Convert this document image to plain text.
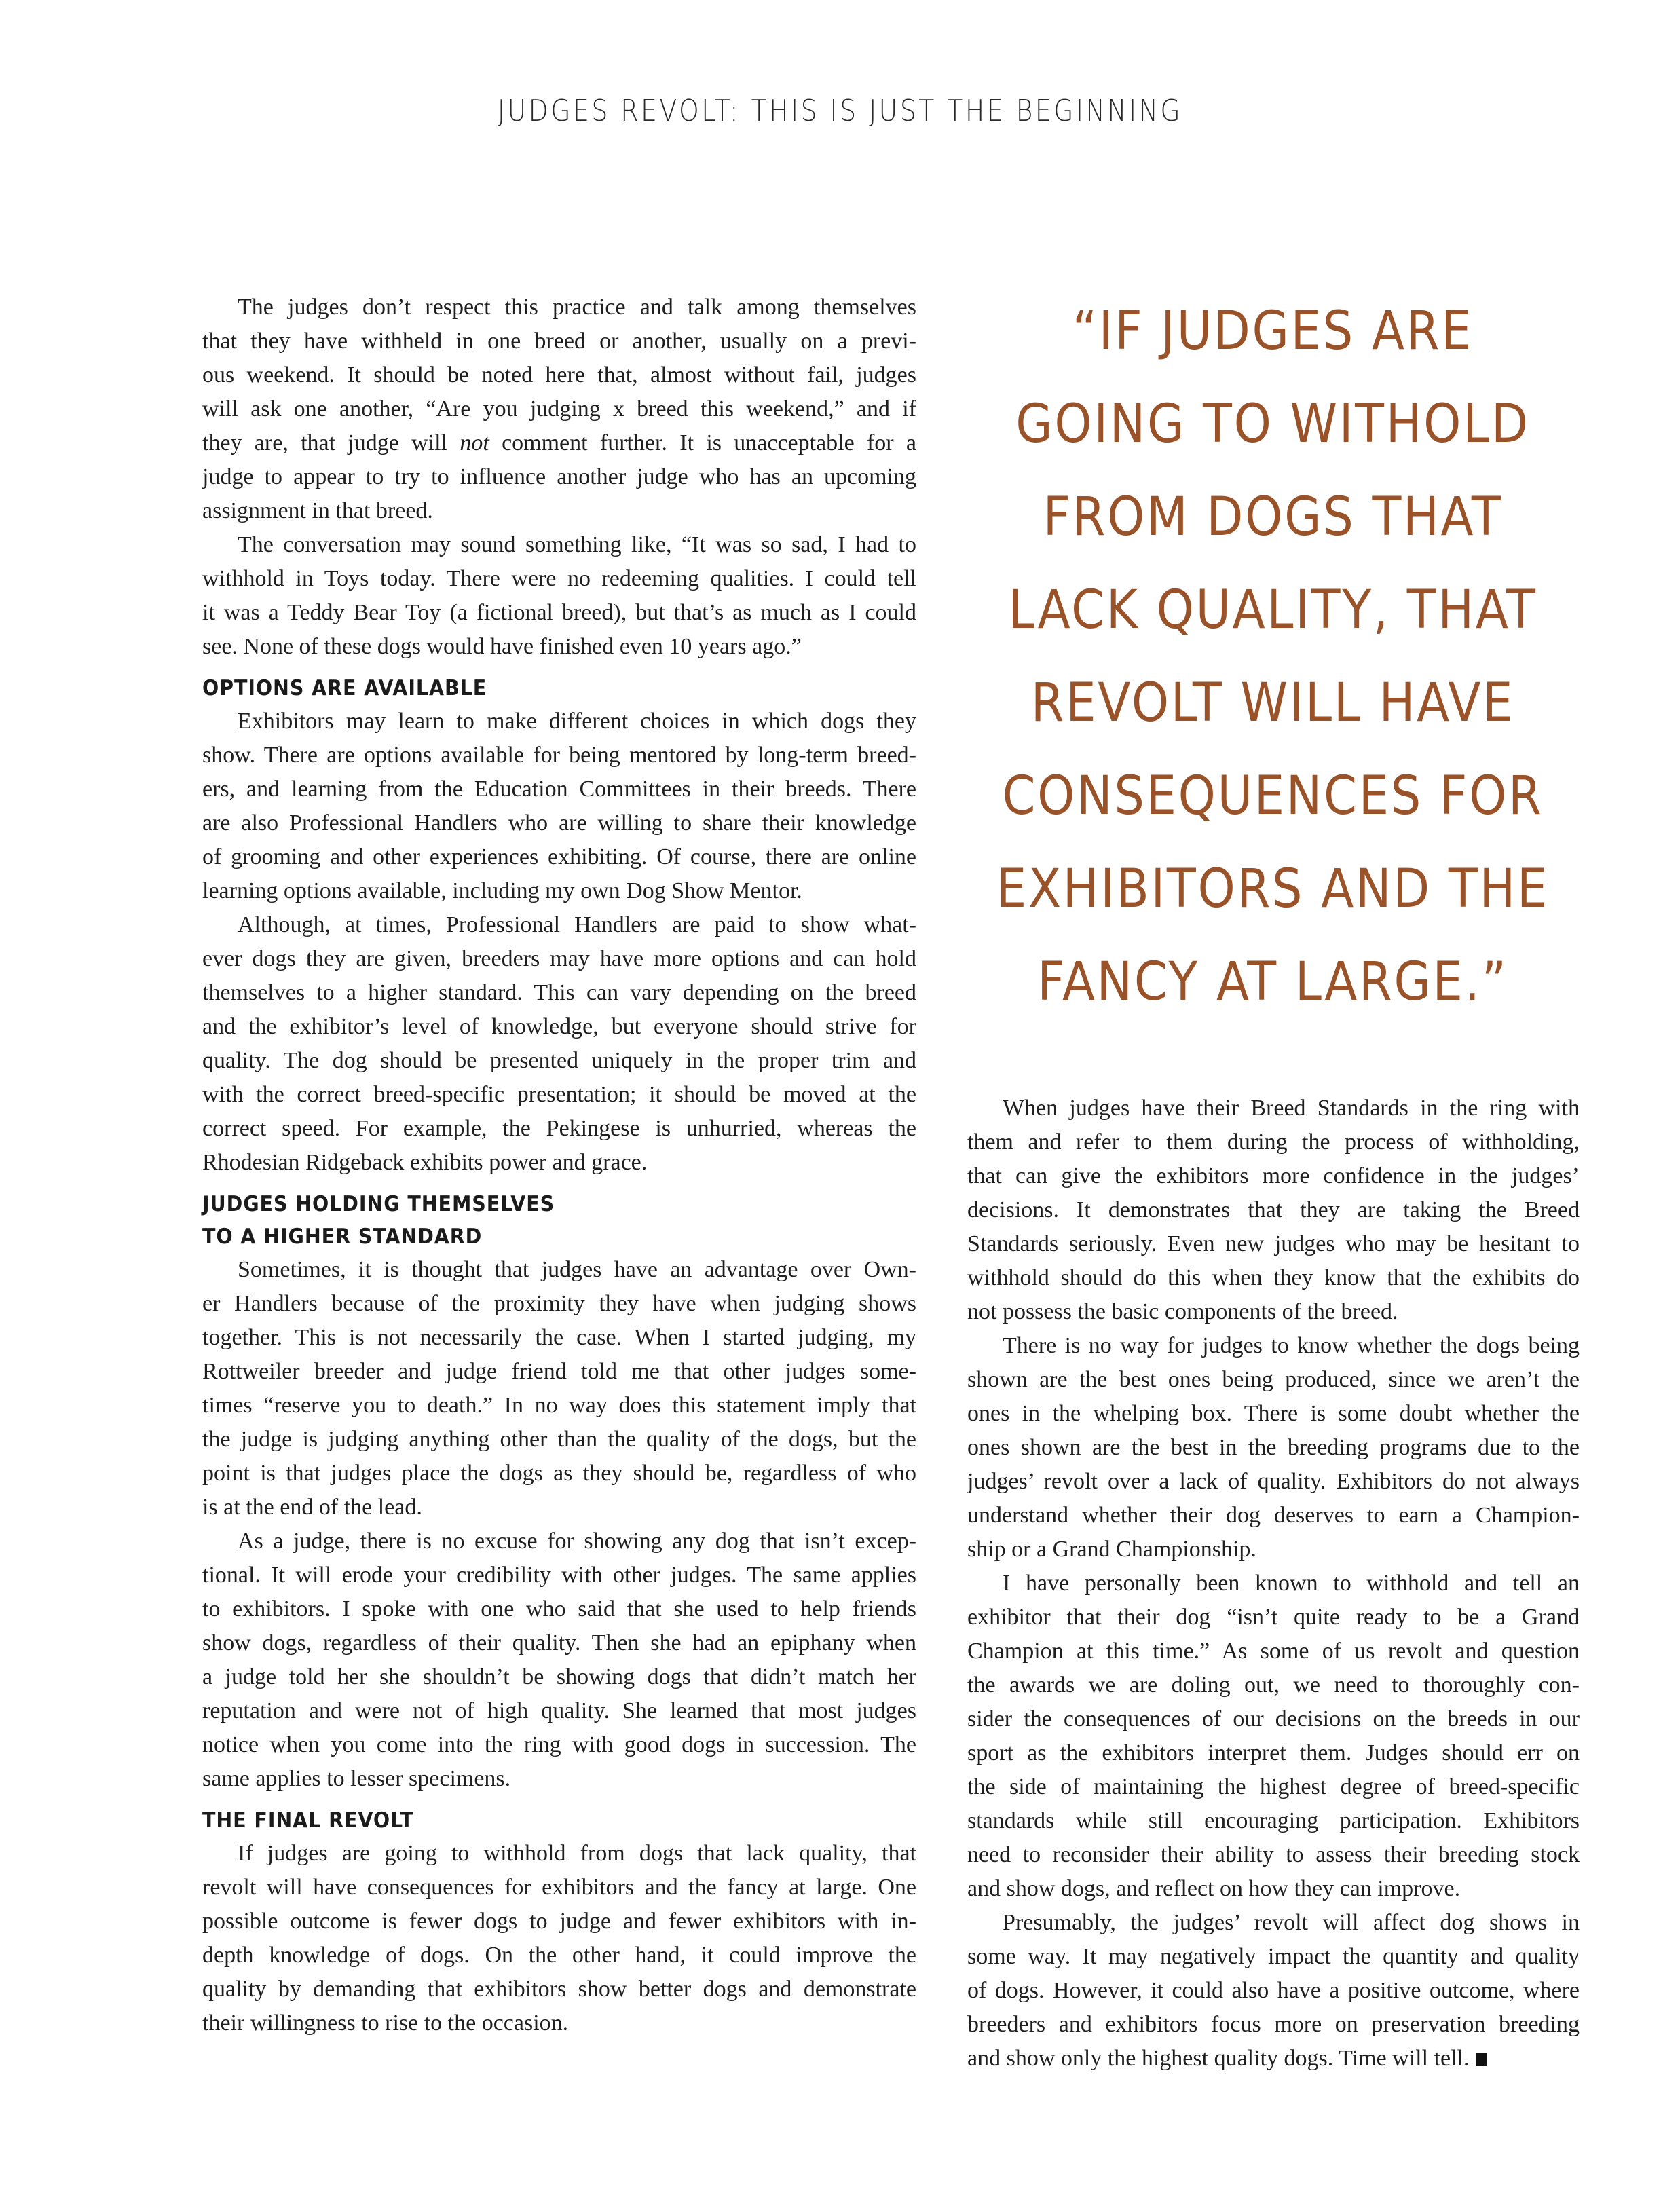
JUDGES REVOLT: THIS IS JUST THE BEGINNING
The judges don’t respect this practice and talk among themselves
that they have withheld in one breed or another, usually on a previ-
ous weekend. It should be noted here that, almost without fail, judges
will ask one another, “Are you judging x breed this weekend,” and if
they are, that judge will not comment further. It is unacceptable for a
judge to appear to try to influence another judge who has an upcoming
assignment in that breed.
The conversation may sound something like, “It was so sad, I had to
withhold in Toys today. There were no redeeming qualities. I could tell
it was a Teddy Bear Toy (a fictional breed), but that’s as much as I could
see. None of these dogs would have finished even 10 years ago.”
OPTIONS ARE AVAILABLE
Exhibitors may learn to make different choices in which dogs they
show. There are options available for being mentored by long-term breed-
ers, and learning from the Education Committees in their breeds. There
are also Professional Handlers who are willing to share their knowledge
of grooming and other experiences exhibiting. Of course, there are online
learning options available, including my own Dog Show Mentor.
Although, at times, Professional Handlers are paid to show what-
ever dogs they are given, breeders may have more options and can hold
themselves to a higher standard. This can vary depending on the breed
and the exhibitor’s level of knowledge, but everyone should strive for
quality. The dog should be presented uniquely in the proper trim and
with the correct breed-specific presentation; it should be moved at the
correct speed. For example, the Pekingese is unhurried, whereas the
Rhodesian Ridgeback exhibits power and grace.
JUDGES HOLDING THEMSELVES
TO A HIGHER STANDARD
Sometimes, it is thought that judges have an advantage over Own-
er Handlers because of the proximity they have when judging shows
together. This is not necessarily the case. When I started judging, my
Rottweiler breeder and judge friend told me that other judges some-
times “reserve you to death.” In no way does this statement imply that
the judge is judging anything other than the quality of the dogs, but the
point is that judges place the dogs as they should be, regardless of who
is at the end of the lead.
As a judge, there is no excuse for showing any dog that isn’t excep-
tional. It will erode your credibility with other judges. The same applies
to exhibitors. I spoke with one who said that she used to help friends
show dogs, regardless of their quality. Then she had an epiphany when
a judge told her she shouldn’t be showing dogs that didn’t match her
reputation and were not of high quality. She learned that most judges
notice when you come into the ring with good dogs in succession. The
same applies to lesser specimens.
THE FINAL REVOLT
If judges are going to withhold from dogs that lack quality, that
revolt will have consequences for exhibitors and the fancy at large. One
possible outcome is fewer dogs to judge and fewer exhibitors with in-
depth knowledge of dogs. On the other hand, it could improve the
quality by demanding that exhibitors show better dogs and demonstrate
their willingness to rise to the occasion.
“IF JUDGES ARE
GOING TO WITHOLD
FROM DOGS THAT
LACK QUALITY, THAT
REVOLT WILL HAVE
CONSEQUENCES FOR
EXHIBITORS AND THE
FANCY AT LARGE.”
When judges have their Breed Standards in the ring with
them and refer to them during the process of withholding,
that can give the exhibitors more confidence in the judges’
decisions. It demonstrates that they are taking the Breed
Standards seriously. Even new judges who may be hesitant to
withhold should do this when they know that the exhibits do
not possess the basic components of the breed.
There is no way for judges to know whether the dogs being
shown are the best ones being produced, since we aren’t the
ones in the whelping box. There is some doubt whether the
ones shown are the best in the breeding programs due to the
judges’ revolt over a lack of quality. Exhibitors do not always
understand whether their dog deserves to earn a Champion-
ship or a Grand Championship.
I have personally been known to withhold and tell an
exhibitor that their dog “isn’t quite ready to be a Grand
Champion at this time.” As some of us revolt and question
the awards we are doling out, we need to thoroughly con-
sider the consequences of our decisions on the breeds in our
sport as the exhibitors interpret them. Judges should err on
the side of maintaining the highest degree of breed-specific
standards while still encouraging participation. Exhibitors
need to reconsider their ability to assess their breeding stock
and show dogs, and reflect on how they can improve.
Presumably, the judges’ revolt will affect dog shows in
some way. It may negatively impact the quantity and quality
of dogs. However, it could also have a positive outcome, where
breeders and exhibitors focus more on preservation breeding
and show only the highest quality dogs. Time will tell.
